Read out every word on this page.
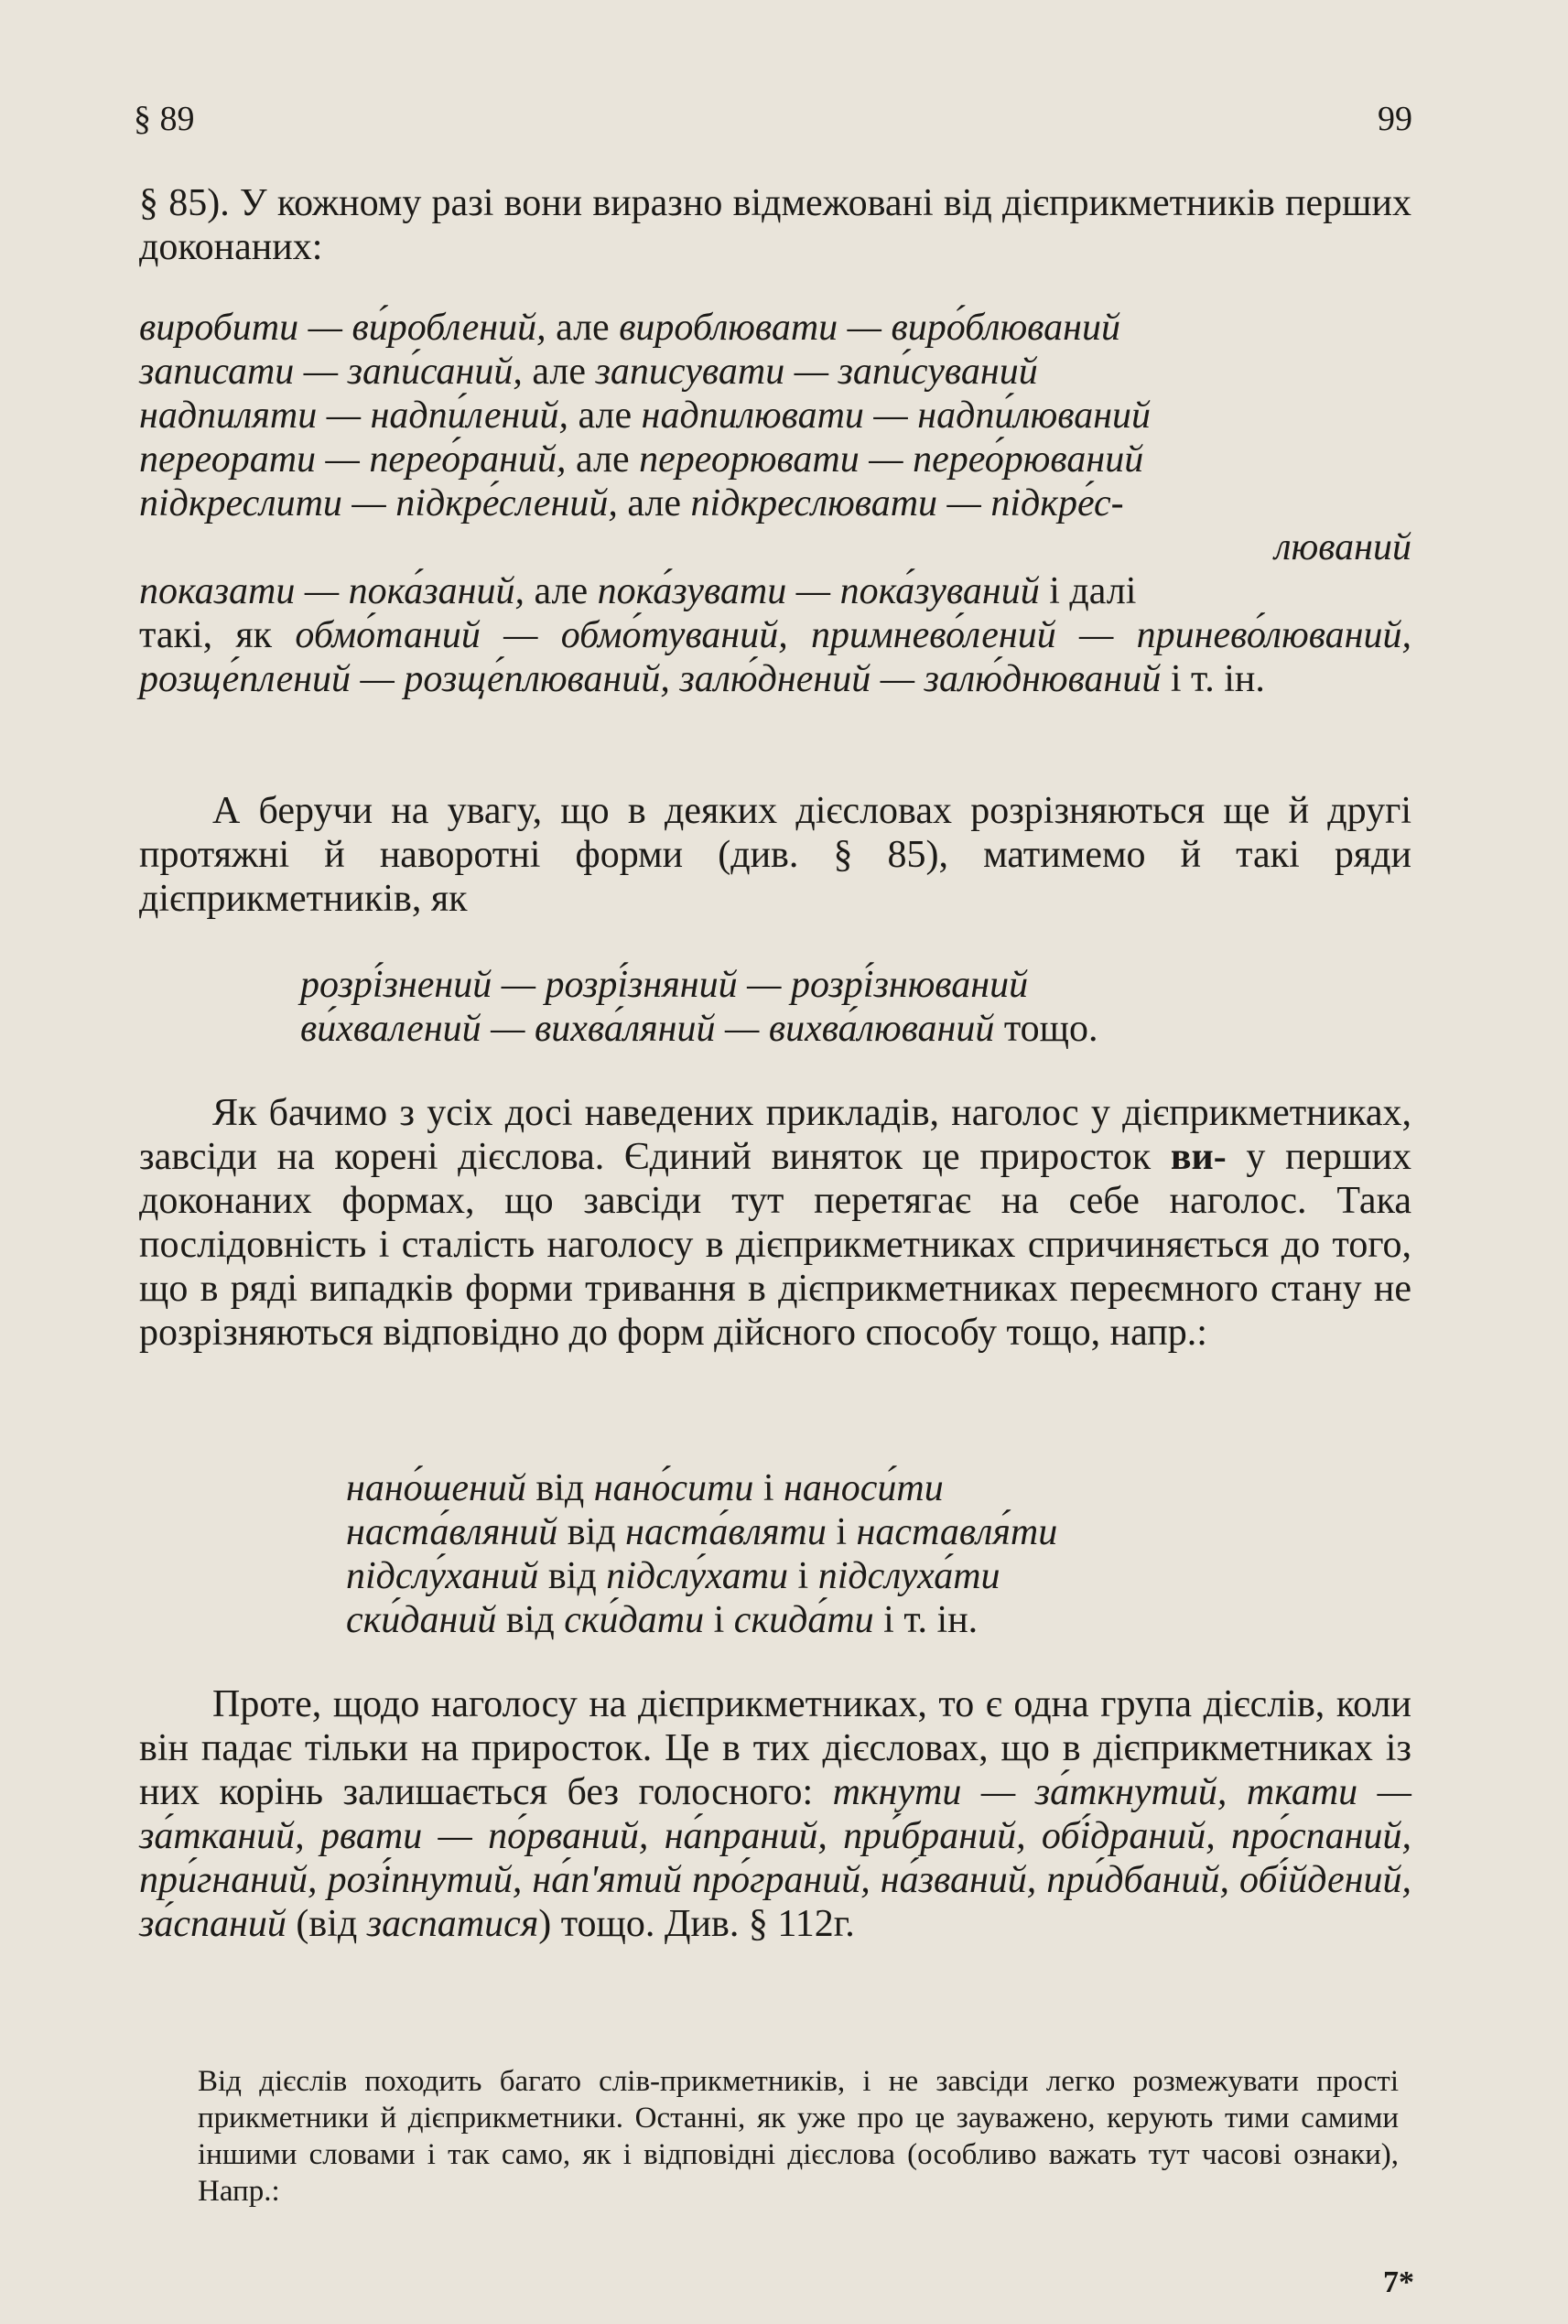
§ 89	99
§ 85). У кожному разі вони виразно відмежовані від дієприкметників перших доконаних:
виробити — ви́роблений, але вироблювати — виро́блюваний
записати — запи́саний, але записувати — запи́суваний
надпиляти — надпи́лений, але надпилювати — надпи́люваний
переорати — перео́раний, але переорювати — перео́рюваний
підкреслити — підкре́слений, але підкреслювати — підкре́с-
люваний
показати — пока́заний, але пока́зувати — пока́зуваний і далі
такі, як обмо́таний — обмо́туваний, примнево́лений — принево́люваний, розще́плений — розще́плюваний, залю́днений — залю́днюваний і т. ін.
А беручи на увагу, що в деяких дієсловах розрізняються ще й другі протяжні й наворотні форми (див. § 85), матимемо й такі ряди дієприкметників, як
розрі́знений — розрі́зняний — розрі́знюваний
ви́хвалений — вихва́ляний — вихва́люваний тощо.
Як бачимо з усіх досі наведених прикладів, наголос у дієприкметниках, завсіди на корені дієслова. Єдиний виняток це приросток ви- у перших доконаних формах, що завсіди тут перетягає на себе наголос. Така послідовність і сталість наголосу в дієприкметниках спричиняється до того, що в ряді випадків форми тривання в дієприкметниках переємного стану не розрізняються відповідно до форм дійсного способу тощо, напр.:
нано́шений від нано́сити і наноси́ти
наста́вляний від наста́вляти і наставля́ти
підслу́ханий від підслу́хати і підслуха́ти
ски́даний від ски́дати і скида́ти і т. ін.
Проте, щодо наголосу на дієприкметниках, то є одна група дієслів, коли він падає тільки на приросток. Це в тих дієсловах, що в дієприкметниках із них корінь залишається без голосного: ткнути — за́ткнутий, ткати — за́тканий, рвати — по́рваний, на́праний, при́браний, обі́драний, про́спаний, при́гнаний, розі́пнутий, на́п'ятий про́граний, на́званий, при́дбаний, обі́йдений, за́спаний (від заспатися) тощо. Див. § 112г.
Від дієслів походить багато слів-прикметників, і не завсіди легко розмежувати прості прикметники й дієприкметники. Останні, як уже про це зауважено, керують тими самими іншими словами і так само, як і відповідні дієслова (особливо важать тут часові ознаки), Напр.:
7*
